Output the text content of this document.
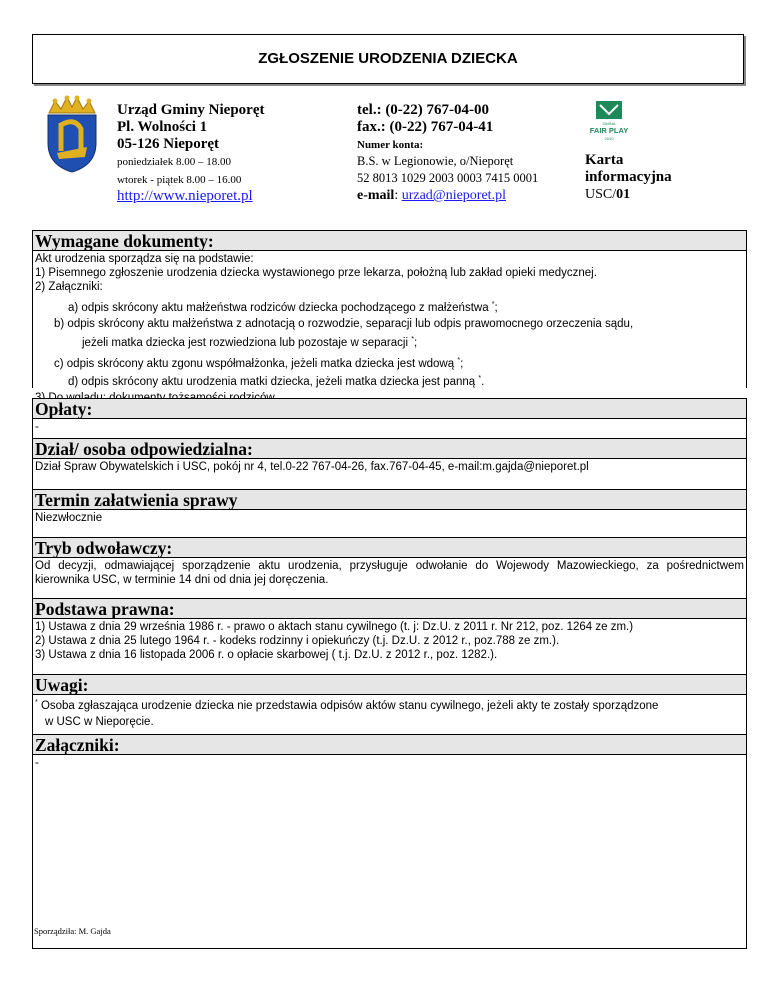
ZGŁOSZENIE URODZENIA DZIECKA
Urząd Gminy Nieporęt
Pl. Wolności 1
05-126 Nieporęt
poniedziałek 8.00 – 18.00
wtorek - piątek 8.00 – 16.00
http://www.nieporet.pl
tel.: (0-22) 767-04-00
fax.: (0-22) 767-04-41
Numer konta:
B.S. w Legionowie, o/Nieporęt
52 8013 1029 2003 0003 7415 0001
e-mail: urzad@nieporet.pl
GMINA
FAIR PLAY
2010
Karta
informacyjna
USC/01
Wymagane dokumenty:
Akt urodzenia sporządza się na podstawie:
1) Pisemnego zgłoszenie urodzenia dziecka wystawionego prze lekarza, położną lub zakład opieki medycznej.
2) Załączniki:
a) odpis skrócony aktu małżeństwa rodziców dziecka pochodzącego z małżeństwa *;
b) odpis skrócony aktu małżeństwa z adnotacją o rozwodzie, separacji lub odpis prawomocnego orzeczenia sądu,
jeżeli matka dziecka jest rozwiedziona lub pozostaje w separacji *;
c) odpis skrócony aktu zgonu współmałżonka, jeżeli matka dziecka jest wdową *;
d) odpis skrócony aktu urodzenia matki dziecka, jeżeli matka dziecka jest panną *.
Opłaty:
-
Dział/ osoba odpowiedzialna:
Dział Spraw Obywatelskich i USC, pokój nr 4, tel.0-22 767-04-26, fax.767-04-45, e-mail:m.gajda@nieporet.pl
Termin załatwienia sprawy
Niezwłocznie
Tryb odwoławczy:
Od decyzji, odmawiającej sporządzenie aktu urodzenia, przysługuje odwołanie do Wojewody Mazowieckiego, za pośrednictwem kierownika USC, w terminie 14 dni od dnia jej doręczenia.
Podstawa prawna:
1) Ustawa z dnia 29 września 1986 r. - prawo o aktach stanu cywilnego (t. j: Dz.U. z 2011 r. Nr 212, poz. 1264 ze zm.)
2) Ustawa z dnia 25 lutego 1964 r. - kodeks rodzinny i opiekuńczy (t.j. Dz.U. z 2012 r., poz.788 ze zm.).
3) Ustawa z dnia 16 listopada 2006 r. o opłacie skarbowej ( t.j. Dz.U. z 2012 r., poz. 1282.).
Uwagi:
* Osoba zgłaszająca urodzenie dziecka nie przedstawia odpisów aktów stanu cywilnego, jeżeli akty te zostały sporządzone
w USC w Nieporęcie.
Załączniki:
-
Sporządziła: M. Gajda
